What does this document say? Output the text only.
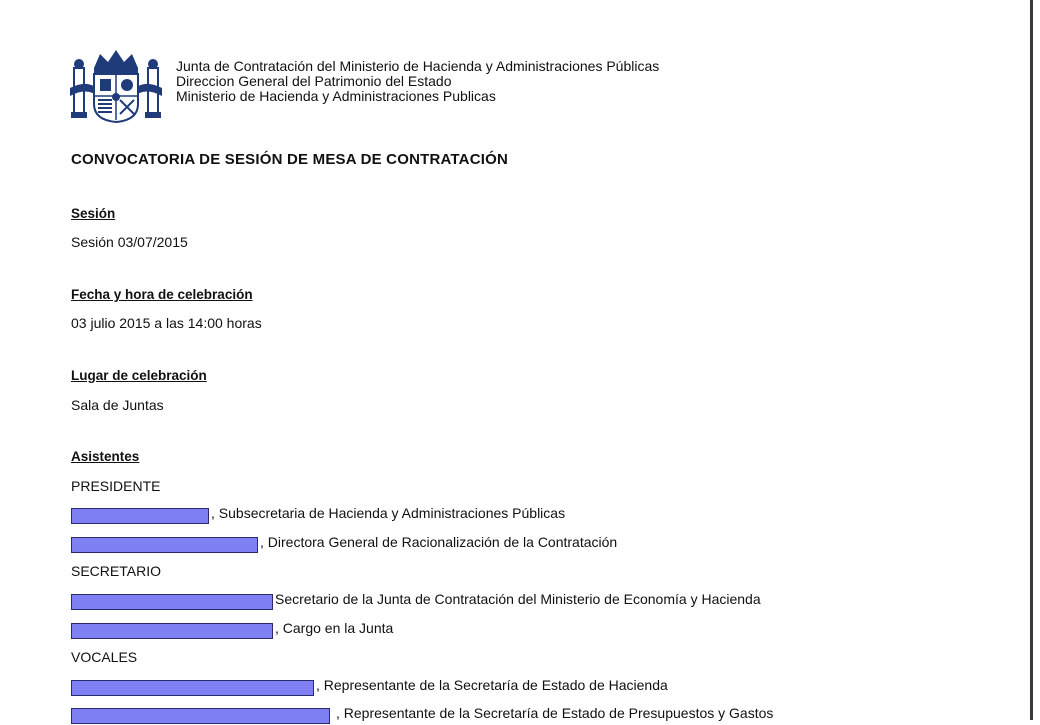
Junta de Contratación del Ministerio de Hacienda y Administraciones Públicas
Direccion General del Patrimonio del Estado
Ministerio de Hacienda y Administraciones Publicas
CONVOCATORIA DE SESIÓN DE MESA DE CONTRATACIÓN
Sesión
Sesión 03/07/2015
Fecha y hora de celebración
03 julio 2015 a las 14:00 horas
Lugar de celebración
Sala de Juntas
Asistentes
PRESIDENTE
, Subsecretaria de Hacienda y Administraciones Públicas
, Directora General de Racionalización de la Contratación
SECRETARIO
Secretario de la Junta de Contratación del Ministerio de Economía y Hacienda
, Cargo en la Junta
VOCALES
, Representante de la Secretaría de Estado de Hacienda
, Representante de la Secretaría de Estado de Presupuestos y Gastos
